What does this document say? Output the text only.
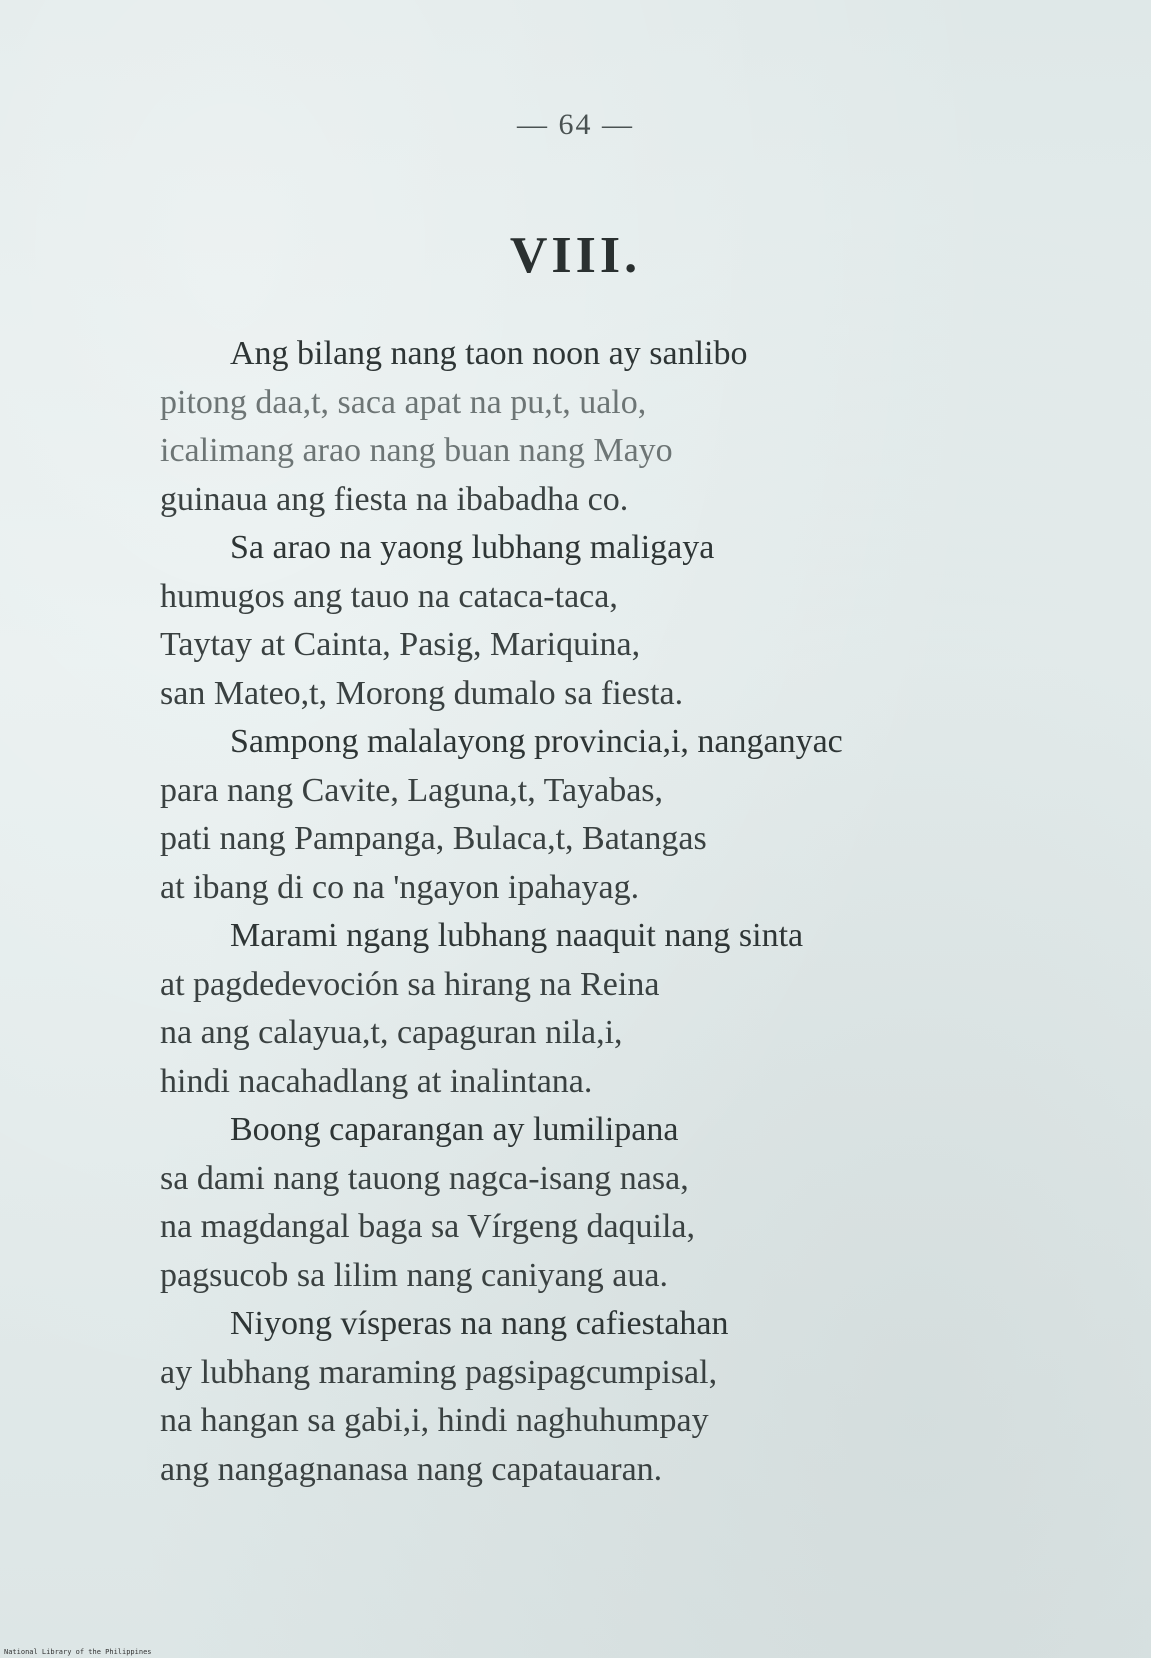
— 64 —
VIII.

Ang bilang nang taon noon ay sanlibo
pitong daa,t, saca apat na pu,t, ualo,
icalimang arao nang buan nang Mayo
guinaua ang fiesta na ibabadha co.

Sa arao na yaong lubhang maligaya
humugos ang tauo na cataca-taca,
Taytay at Cainta, Pasig, Mariquina,
san Mateo,t, Morong dumalo sa fiesta.

Sampong malalayong provincia,i, nanganyac
para nang Cavite, Laguna,t, Tayabas,
pati nang Pampanga, Bulaca,t, Batangas
at ibang di co na 'ngayon ipahayag.

Marami ngang lubhang naaquit nang sinta
at pagdedevoción sa hirang na Reina
na ang calayua,t, capaguran nila,i,
hindi nacahadlang at inalintana.

Boong caparangan ay lumilipana
sa dami nang tauong nagca-isang nasa,
na magdangal baga sa Vírgeng daquila,
pagsucob sa lilim nang caniyang aua.

Niyong vísperas na nang cafiestahan
ay lubhang maraming pagsipagcumpisal,
na hangan sa gabi,i, hindi naghuhumpay
ang nangagnanasa nang capatauaran.

National Library of the Philippines
